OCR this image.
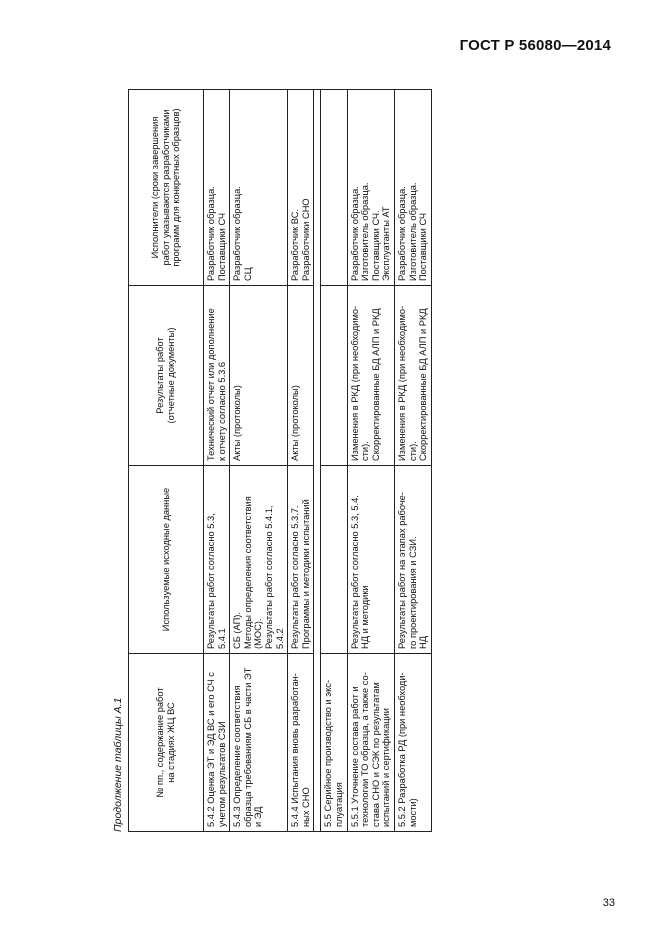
ГОСТ Р 56080—2014
Продолжение таблицы А.1	№ пп., содержание работ на стадиях ЖЦ ВС	Используемые исходные данные	Результаты работ (отчетные документы)	Исполнители (сроки завершения работ указываются разработчиками программ для конкретных образцов)

5.4.2 Оценка ЭТ и ЭД ВС и его СЧ с учетом результатов СЗИ	Результаты работ согласно 5.3, 5.4.1	Технический отчет или дополнение к отчету согласно 5.3.6	Разработчик образца. Поставщики СЧ

5.4.3 Определение соответствия образца требованиям СБ в части ЭТ и ЭД	СБ (АП). Методы определения соответствия (МОС). Результаты работ согласно 5.4.1, 5.4.2	Акты (протоколы)	Разработчик образца. СЦ

5.4.4 Испытания вновь разработан- ных СНО	Результаты работ согласно 5.3.7. Программы и методики испытаний	Акты (протоколы)	Разработчик ВС. Разработчики СНО

5.5 Серийное производство и экс- плуатация			

5.5.1 Уточнение состава работ и технологии ТО образца, а также со- става СНО и СЭК по результатам испытаний и сертификации	Результаты работ согласно 5.3, 5.4. НД и методики	Изменения в РКД (при необходимо- сти). Скорректированные БД АЛП и РКД	Разработчик образца. Изготовитель образца. Поставщики СЧ. Эксплуатанты АТ

5.5.2 Разработка РД (при необходи- мости)	Результаты работ на этапах рабоче- го проектирования и СЗИ. НД	Изменения в РКД (при необходимо- сти). Скорректированные БД АЛП и РКД	Разработчик образца. Изготовитель образца. Поставщики СЧ
33
